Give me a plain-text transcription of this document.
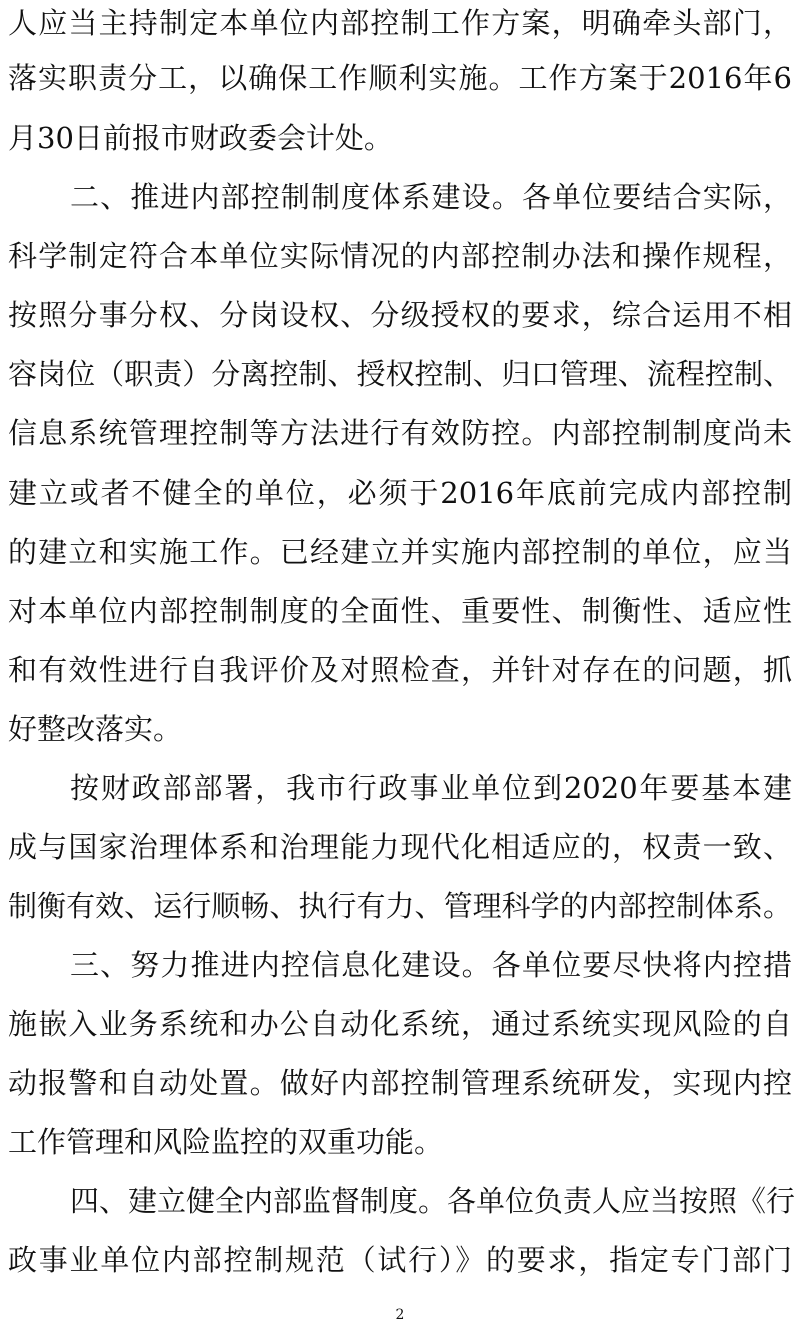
人应当主持制定本单位内部控制工作方案，明确牵头部门，
落实职责分工，以确保工作顺利实施。工作方案于2016年6
月30日前报市财政委会计处。
二、推进内部控制制度体系建设。各单位要结合实际，
科学制定符合本单位实际情况的内部控制办法和操作规程，
按照分事分权、分岗设权、分级授权的要求，综合运用不相
容岗位（职责）分离控制、授权控制、归口管理、流程控制、
信息系统管理控制等方法进行有效防控。内部控制制度尚未
建立或者不健全的单位，必须于2016年底前完成内部控制
的建立和实施工作。已经建立并实施内部控制的单位，应当
对本单位内部控制制度的全面性、重要性、制衡性、适应性
和有效性进行自我评价及对照检查，并针对存在的问题，抓
好整改落实。
按财政部部署，我市行政事业单位到2020年要基本建
成与国家治理体系和治理能力现代化相适应的，权责一致、
制衡有效、运行顺畅、执行有力、管理科学的内部控制体系。
三、努力推进内控信息化建设。各单位要尽快将内控措
施嵌入业务系统和办公自动化系统，通过系统实现风险的自
动报警和自动处置。做好内部控制管理系统研发，实现内控
工作管理和风险监控的双重功能。
四、建立健全内部监督制度。各单位负责人应当按照《行
政事业单位内部控制规范（试行）》的要求，指定专门部门
2
